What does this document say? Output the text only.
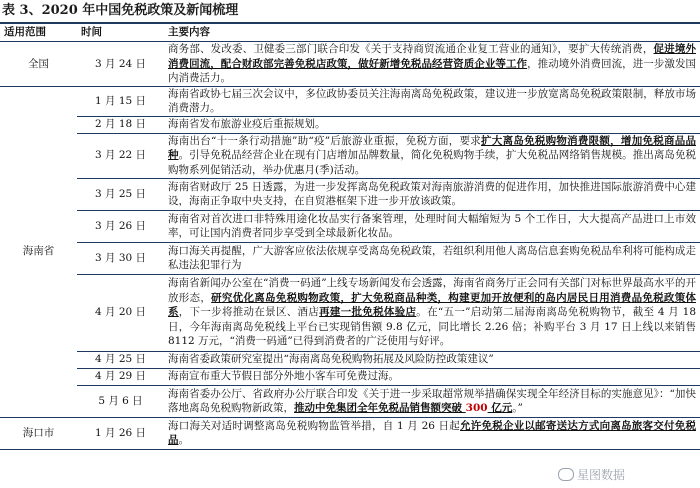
表 3、2020 年中国免税政策及新闻梳理
适用范围	时间	主要内容
全国	3 月 24 日	商务部、发改委、卫健委三部门联合印发《关于支持商贸流通企业复工营业的通知》，要扩大传统消费，促进境外消费回流，配合财政部完善免税店政策，做好新增免税品经营资质企业等工作，推动境外消费回流，进一步激发国内消费活力。
海南省	1 月 15 日	海南省政协七届三次会议中，多位政协委员关注海南离岛免税政策，建议进一步放宽离岛免税政策限制，释放市场消费潜力。
	2 月 18 日	海南省发布旅游业疫后重振规划。
	3 月 22 日	海南出台“十一条行动措施”助“疫”后旅游业重振，免税方面，要求扩大离岛免税购物消费限额，增加免税商品品种。引导免税品经营企业在现有门店增加品牌数量，简化免税购物手续，扩大免税品网络销售规模。推出离岛免税购物系列促销活动，举办优惠月(季)活动。
	3 月 25 日	海南省财政厅 25 日透露，为进一步发挥离岛免税政策对海南旅游消费的促进作用，加快推进国际旅游消费中心建设，海南正争取中央支持，在自贸港框架下进一步开放该政策。
	3 月 26 日	海南省对首次进口非特殊用途化妆品实行备案管理，处理时间大幅缩短为 5 个工作日，大大提高产品进口上市效率，可让国内消费者同步享受到全球最新化妆品。
	3 月 30 日	海口海关再提醒，广大游客应依法依规享受离岛免税政策，若组织利用他人离岛信息套购免税品牟利将可能构成走私违法犯罪行为
	4 月 20 日	海南省新闻办公室在“消费一码通”上线专场新闻发布会透露，海南省商务厅正会同有关部门对标世界最高水平的开放形态，研究优化离岛免税购物政策，扩大免税商品种类，构建更加开放便利的岛内居民日用消费品免税政策体系，下一步将推动在景区、酒店再建一批免税体验店。在“五一”启动第二届海南离岛免税购物节，截至 4 月 18 日，今年海南离岛免税线上平台已实现销售额 9.8 亿元，同比增长 2.26 倍；补购平台 3 月 17 日上线以来销售 8112 万元，“消费一码通”已得到消费者的广泛使用与好评。
	4 月 25 日	海南省委政策研究室提出“海南离岛免税购物拓展及风险防控政策建议”
	4 月 29 日	海南宣布重大节假日部分外地小客车可免费过海。
	5 月 6 日	海南省委办公厅、省政府办公厅联合印发《关于进一步采取超常规举措确保实现全年经济目标的实施意见》：“加快落地离岛免税购物新政策，推动中免集团全年免税品销售额突破 300 亿元。”
海口市	1 月 26 日	海口海关对适时调整离岛免税购物监管举措，自 1 月 26 日起允许免税企业以邮寄送达方式向离岛旅客交付免税品。
星图数据
